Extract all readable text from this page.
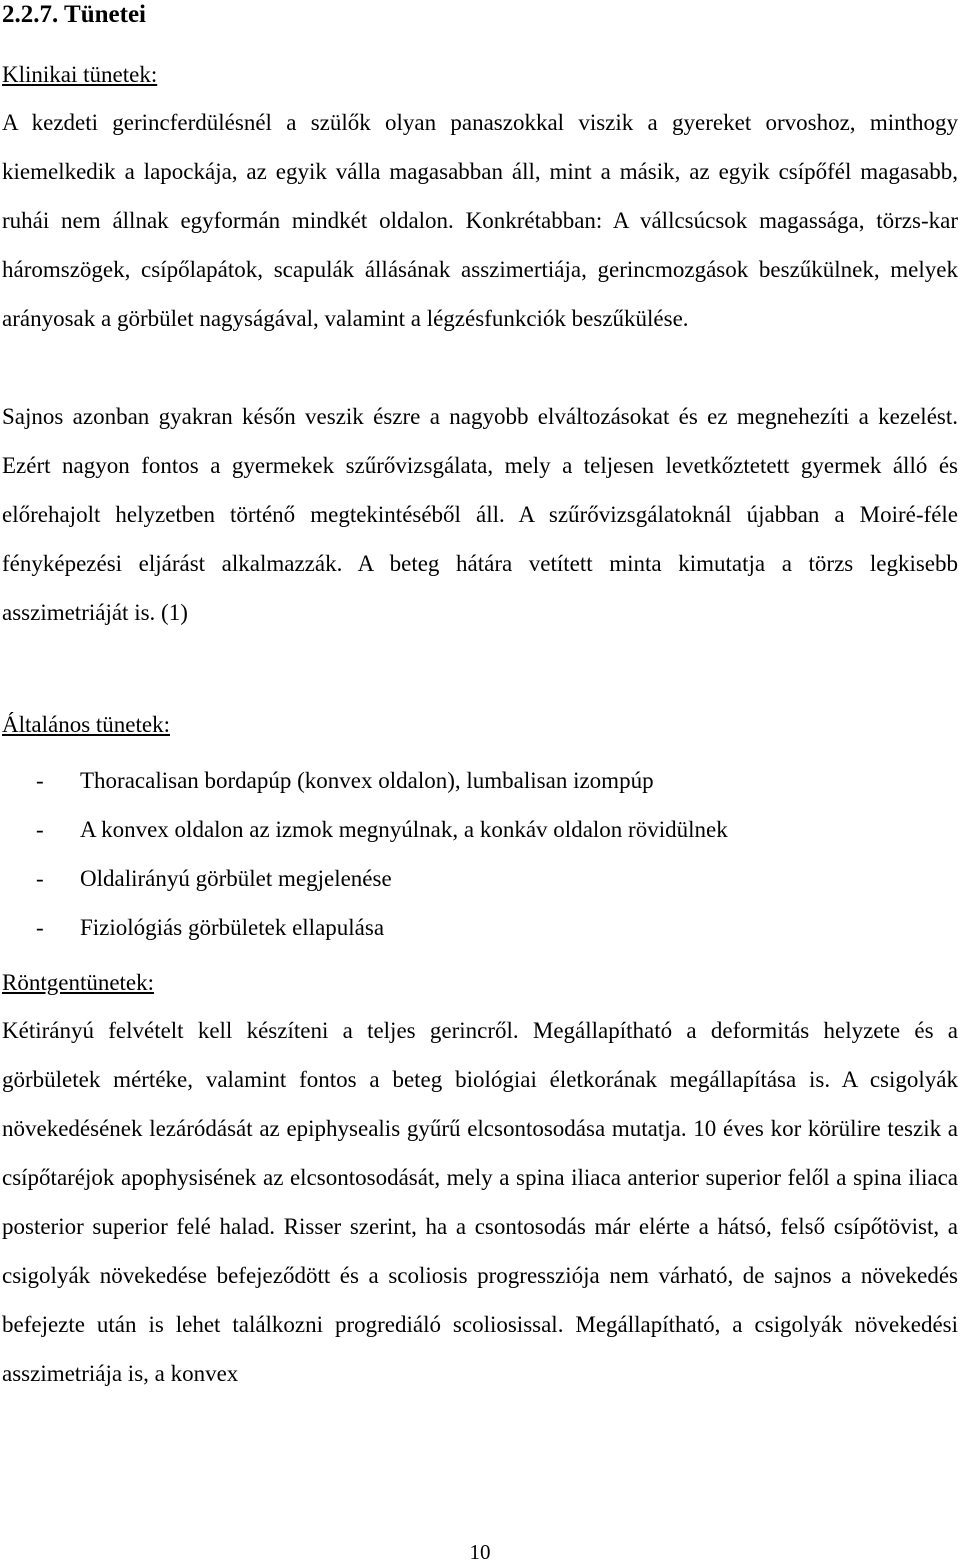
2.2.7. Tünetei

Klinikai tünetek:

A kezdeti gerincferdülésnél a szülők olyan panaszokkal viszik a gyereket orvoshoz, minthogy kiemelkedik a lapockája, az egyik válla magasabban áll, mint a másik, az egyik csípőfél magasabb, ruhái nem állnak egyformán mindkét oldalon. Konkrétabban: A vállcsúcsok magassága, törzs-kar háromszögek, csípőlapátok, scapulák állásának asszimertiája, gerincmozgások beszűkülnek, melyek arányosak a görbület nagyságával, valamint a légzésfunkciók beszűkülése.

Sajnos azonban gyakran későn veszik észre a nagyobb elváltozásokat és ez megnehezíti a kezelést. Ezért nagyon fontos a gyermekek szűrővizsgálata, mely a teljesen levetkőztetett gyermek álló és előrehajolt helyzetben történő megtekintéséből áll. A szűrővizsgálatoknál újabban a Moiré-féle fényképezési eljárást alkalmazzák. A beteg hátára vetített minta kimutatja a törzs legkisebb asszimetriáját is. (1)

Általános tünetek:

-	Thoracalisan bordapúp (konvex oldalon), lumbalisan izompúp
-	A konvex oldalon az izmok megnyúlnak, a konkáv oldalon rövidülnek
-	Oldalirányú görbület megjelenése
-	Fiziológiás görbületek ellapulása

Röntgentünetek:

Kétirányú felvételt kell készíteni a teljes gerincről. Megállapítható a deformitás helyzete és a görbületek mértéke, valamint fontos a beteg biológiai életkorának megállapítása is. A csigolyák növekedésének lezáródását az epiphysealis gyűrű elcsontosodása mutatja. 10 éves kor körülire teszik a csípőtaréjok apophysisének az elcsontosodását, mely a spina iliaca anterior superior felől a spina iliaca posterior superior felé halad. Risser szerint, ha a csontosodás már elérte a hátsó, felső csípőtövist, a csigolyák növekedése befejeződött és a scoliosis progressziója nem várható, de sajnos a növekedés befejezte után is lehet találkozni progrediáló scoliosissal. Megállapítható, a csigolyák növekedési asszimetriája is, a konvex

10
